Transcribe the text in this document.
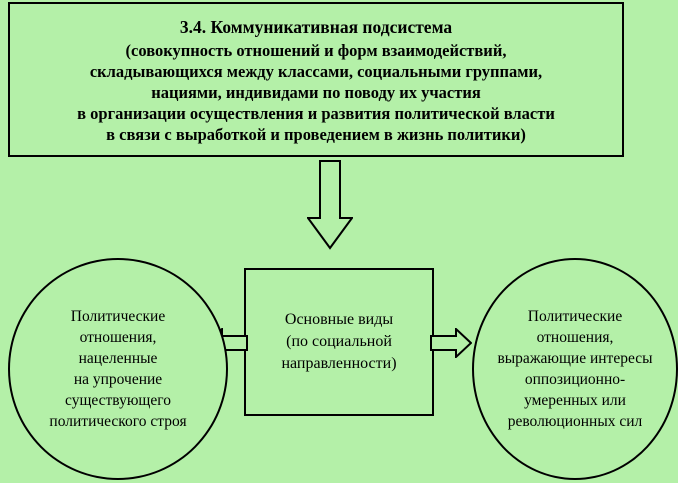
3.4. Коммуникативная подсистема
(совокупность отношений и форм взаимодействий,
складывающихся между классами, социальными группами,
нациями, индивидами по поводу их участия
в организации осуществления и развития политической власти
в связи с выработкой и проведением в жизнь политики)
Основные виды
(по социальной
направленности)
Политические
отношения,
нацеленные
на упрочение
существующего
политического строя
Политические
отношения,
выражающие интересы
оппозиционно-
умеренных или
революционных сил
